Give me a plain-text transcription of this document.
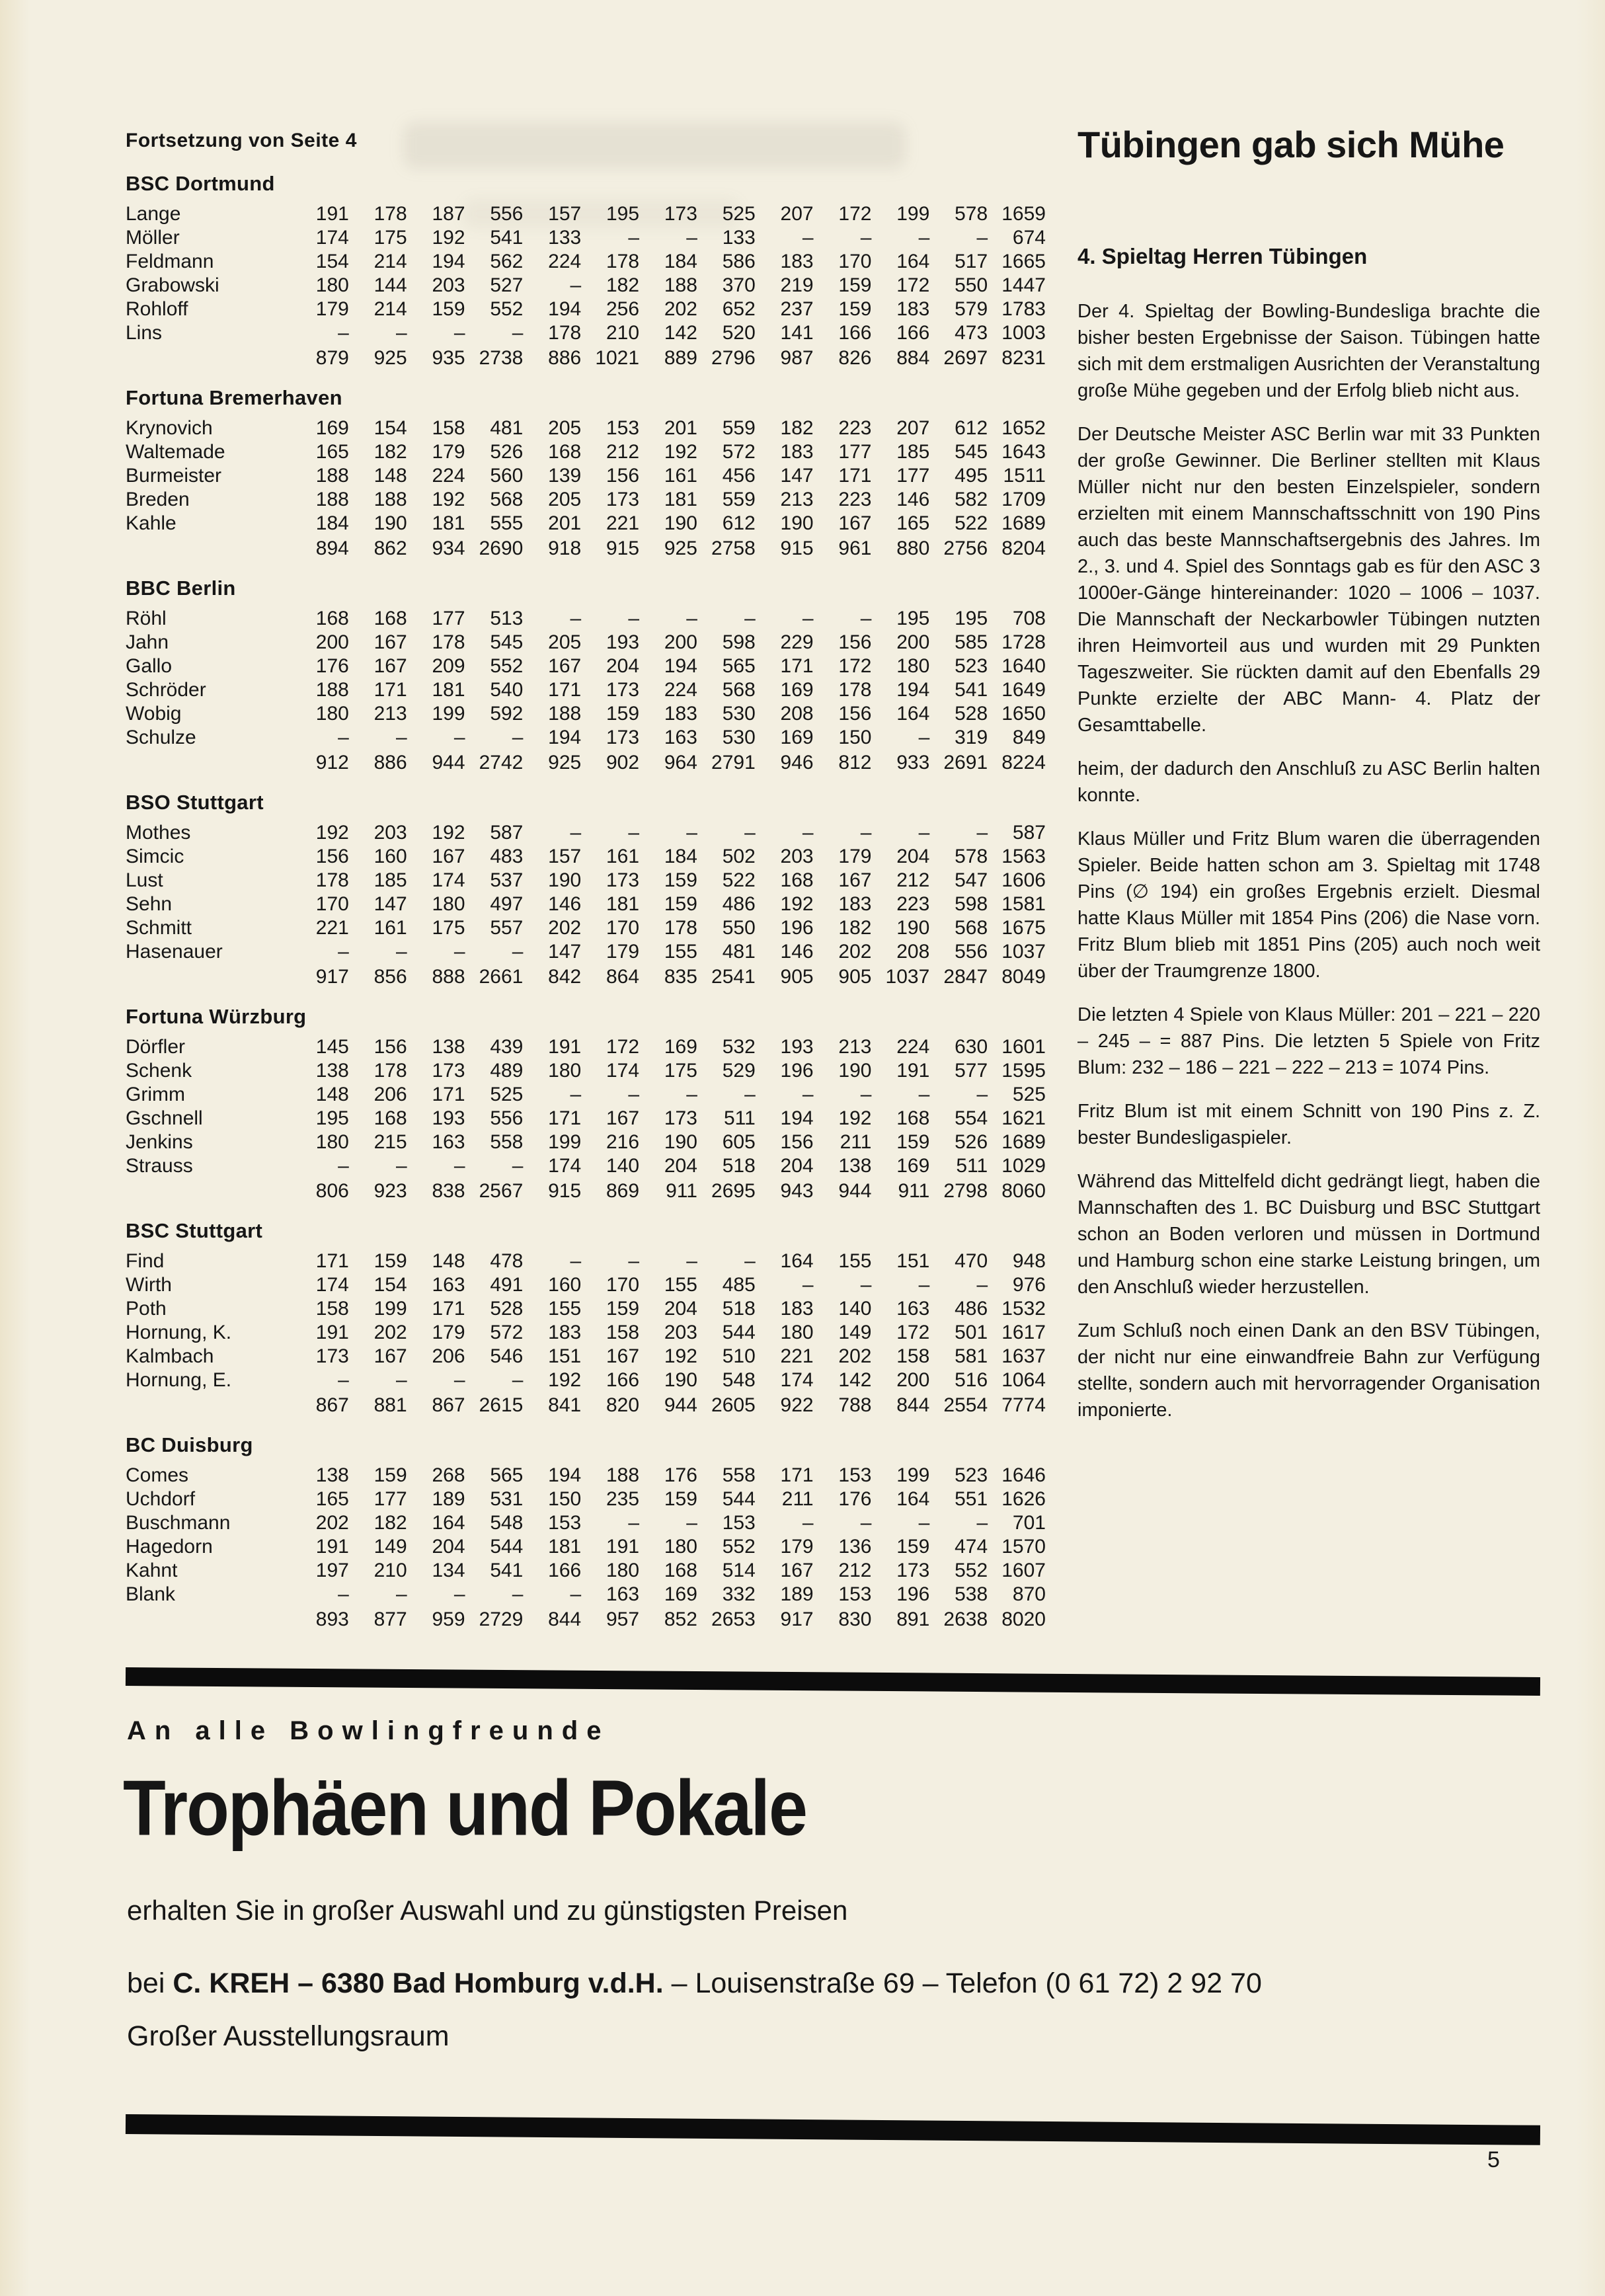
Fortsetzung von Seite 4
BSC Dortmund
Lange	191	178	187	556	157	195	173	525	207	172	199	578 1659
Möller	174	175	192	541	133	–	–	133	–	–	–	–	674
Feldmann	154	214	194	562	224	178	184	586	183	170	164	517 1665
Grabowski	180	144	203	527	–	182	188	370	219	159	172	550 1447
Rohloff	179	214	159	552	194	256	202	652	237	159	183	579 1783
Lins	–	–	–	–	178	210	142	520	141	166	166	473 1003
879	925	935 2738	886 1021	889 2796	987	826	884 2697 8231
Fortuna Bremerhaven
Krynovich	169	154	158	481	205	153	201	559	182	223	207	612 1652
Waltemade	165	182	179	526	168	212	192	572	183	177	185	545 1643
Burmeister	188	148	224	560	139	156	161	456	147	171	177	495 1511
Breden	188	188	192	568	205	173	181	559	213	223	146	582 1709
Kahle	184	190	181	555	201	221	190	612	190	167	165	522 1689
894	862	934 2690	918	915	925 2758	915	961	880 2756 8204
BBC Berlin
Röhl	168	168	177	513	–	–	–	–	–	–	195	195	708
Jahn	200	167	178	545	205	193	200	598	229	156	200	585 1728
Gallo	176	167	209	552	167	204	194	565	171	172	180	523 1640
Schröder	188	171	181	540	171	173	224	568	169	178	194	541 1649
Wobig	180	213	199	592	188	159	183	530	208	156	164	528 1650
Schulze	–	–	–	–	194	173	163	530	169	150	–	319	849
912	886	944 2742	925	902	964 2791	946	812	933 2691 8224
BSO Stuttgart
Mothes	192	203	192	587	–	–	–	–	–	–	–	–	587
Simcic	156	160	167	483	157	161	184	502	203	179	204	578 1563
Lust	178	185	174	537	190	173	159	522	168	167	212	547 1606
Sehn	170	147	180	497	146	181	159	486	192	183	223	598 1581
Schmitt	221	161	175	557	202	170	178	550	196	182	190	568 1675
Hasenauer	–	–	–	–	147	179	155	481	146	202	208	556 1037
917	856	888 2661	842	864	835 2541	905	905 1037 2847 8049
Fortuna Würzburg
Dörfler	145	156	138	439	191	172	169	532	193	213	224	630 1601
Schenk	138	178	173	489	180	174	175	529	196	190	191	577 1595
Grimm	148	206	171	525	–	–	–	–	–	–	–	–	525
Gschnell	195	168	193	556	171	167	173	511	194	192	168	554 1621
Jenkins	180	215	163	558	199	216	190	605	156	211	159	526 1689
Strauss	–	–	–	–	174	140	204	518	204	138	169	511 1029
806	923	838 2567	915	869	911 2695	943	944	911 2798 8060
BSC Stuttgart
Find	171	159	148	478	–	–	–	–	164	155	151	470	948
Wirth	174	154	163	491	160	170	155	485	–	–	–	–	976
Poth	158	199	171	528	155	159	204	518	183	140	163	486 1532
Hornung, K.	191	202	179	572	183	158	203	544	180	149	172	501 1617
Kalmbach	173	167	206	546	151	167	192	510	221	202	158	581 1637
Hornung, E.	–	–	–	–	192	166	190	548	174	142	200	516 1064
867	881	867 2615	841	820	944 2605	922	788	844 2554 7774
BC Duisburg
Comes	138	159	268	565	194	188	176	558	171	153	199	523 1646
Uchdorf	165	177	189	531	150	235	159	544	211	176	164	551 1626
Buschmann	202	182	164	548	153	–	–	153	–	–	–	–	701
Hagedorn	191	149	204	544	181	191	180	552	179	136	159	474 1570
Kahnt	197	210	134	541	166	180	168	514	167	212	173	552 1607
Blank	–	–	–	–	–	163	169	332	189	153	196	538	870
893	877	959 2729	844	957	852 2653	917	830	891 2638 8020
Tübingen gab sich Mühe
4. Spieltag Herren Tübingen

Der 4. Spieltag der Bowling-Bundesliga brachte die bisher besten Ergebnisse der Saison. Tübingen hatte sich mit dem erstmaligen Ausrichten der Veranstaltung große Mühe gegeben und der Erfolg blieb nicht aus.

Der Deutsche Meister ASC Berlin war mit 33 Punkten der große Gewinner. Die Berliner stellten mit Klaus Müller nicht nur den besten Einzelspieler, sondern erzielten mit einem Mannschaftsschnitt von 190 Pins auch das beste Mannschaftsergebnis des Jahres. Im 2., 3. und 4. Spiel des Sonntags gab es für den ASC 3 1000er-Gänge hintereinander: 1020 – 1006 – 1037. Die Mannschaft der Neckarbowler Tübingen nutzten ihren Heimvorteil aus und wurden mit 29 Punkten Tageszweiter. Sie rückten damit auf den Ebenfalls 29 Punkte erzielte der ABC Mann- 4. Platz der Gesamttabelle.

heim, der dadurch den Anschluß zu ASC Berlin halten konnte.

Klaus Müller und Fritz Blum waren die überragenden Spieler. Beide hatten schon am 3. Spieltag mit 1748 Pins (∅ 194) ein großes Ergebnis erzielt. Diesmal hatte Klaus Müller mit 1854 Pins (206) die Nase vorn. Fritz Blum blieb mit 1851 Pins (205) auch noch weit über der Traumgrenze 1800.

Die letzten 4 Spiele von Klaus Müller: 201 – 221 – 220 – 245 – = 887 Pins. Die letzten 5 Spiele von Fritz Blum: 232 – 186 – 221 – 222 – 213 = 1074 Pins.

Fritz Blum ist mit einem Schnitt von 190 Pins z. Z. bester Bundesligaspieler.

Während das Mittelfeld dicht gedrängt liegt, haben die Mannschaften des 1. BC Duisburg und BSC Stuttgart schon an Boden verloren und müssen in Dortmund und Hamburg schon eine starke Leistung bringen, um den Anschluß wieder herzustellen.

Zum Schluß noch einen Dank an den BSV Tübingen, der nicht nur eine einwandfreie Bahn zur Verfügung stellte, sondern auch mit hervorragender Organisation imponierte.

An alle Bowlingfreunde
Trophäen und Pokale
erhalten Sie in großer Auswahl und zu günstigsten Preisen
bei C. KREH – 6380 Bad Homburg v.d.H. – Louisenstraße 69 – Telefon (0 61 72) 2 92 70
Großer Ausstellungsraum
5
